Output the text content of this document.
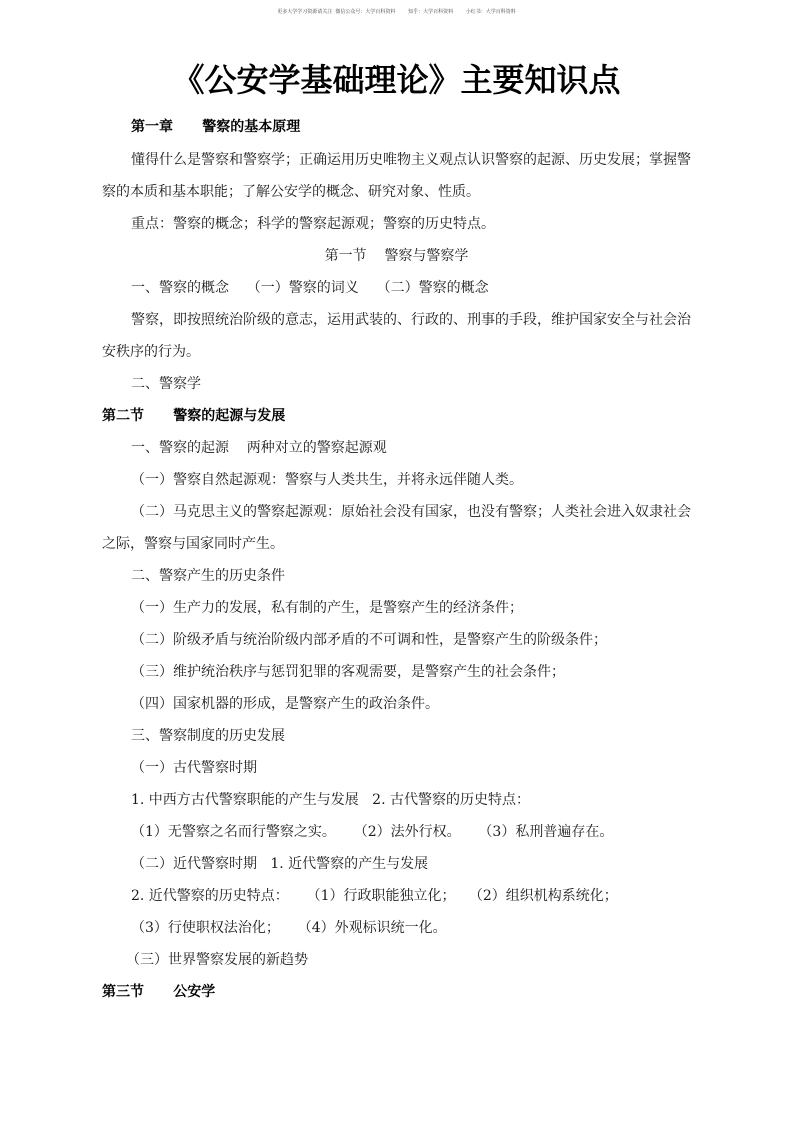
更多大学学习资源请关注  微信公众号：大学百科资料        知乎：大学百科资料        小红书：大学百科资料
《公安学基础理论》主要知识点
第一章      警察的基本原理
懂得什么是警察和警察学；正确运用历史唯物主义观点认识警察的起源、历史发展；掌握警
察的本质和基本职能；了解公安学的概念、研究对象、性质。
重点：警察的概念；科学的警察起源观；警察的历史特点。
第一节    警察与警察学
一、警察的概念    （一）警察的词义    （二）警察的概念
警察，即按照统治阶级的意志，运用武装的、行政的、刑事的手段，维护国家安全与社会治
安秩序的行为。
二、警察学
第二节      警察的起源与发展
一、警察的起源    两种对立的警察起源观
（一）警察自然起源观：警察与人类共生，并将永远伴随人类。
（二）马克思主义的警察起源观：原始社会没有国家，也没有警察；人类社会进入奴隶社会
之际，警察与国家同时产生。
二、警察产生的历史条件
（一）生产力的发展，私有制的产生，是警察产生的经济条件；
（二）阶级矛盾与统治阶级内部矛盾的不可调和性，是警察产生的阶级条件；
（三）维护统治秩序与惩罚犯罪的客观需要，是警察产生的社会条件；
（四）国家机器的形成，是警察产生的政治条件。
三、警察制度的历史发展
（一）古代警察时期
1. 中西方古代警察职能的产生与发展   2. 古代警察的历史特点：
（1）无警察之名而行警察之实。    （2）法外行权。    （3）私刑普遍存在。
（二）近代警察时期   1. 近代警察的产生与发展
2. 近代警察的历史特点：    （1）行政职能独立化；   （2）组织机构系统化；
（3）行使职权法治化；    （4）外观标识统一化。
（三）世界警察发展的新趋势
第三节      公安学
